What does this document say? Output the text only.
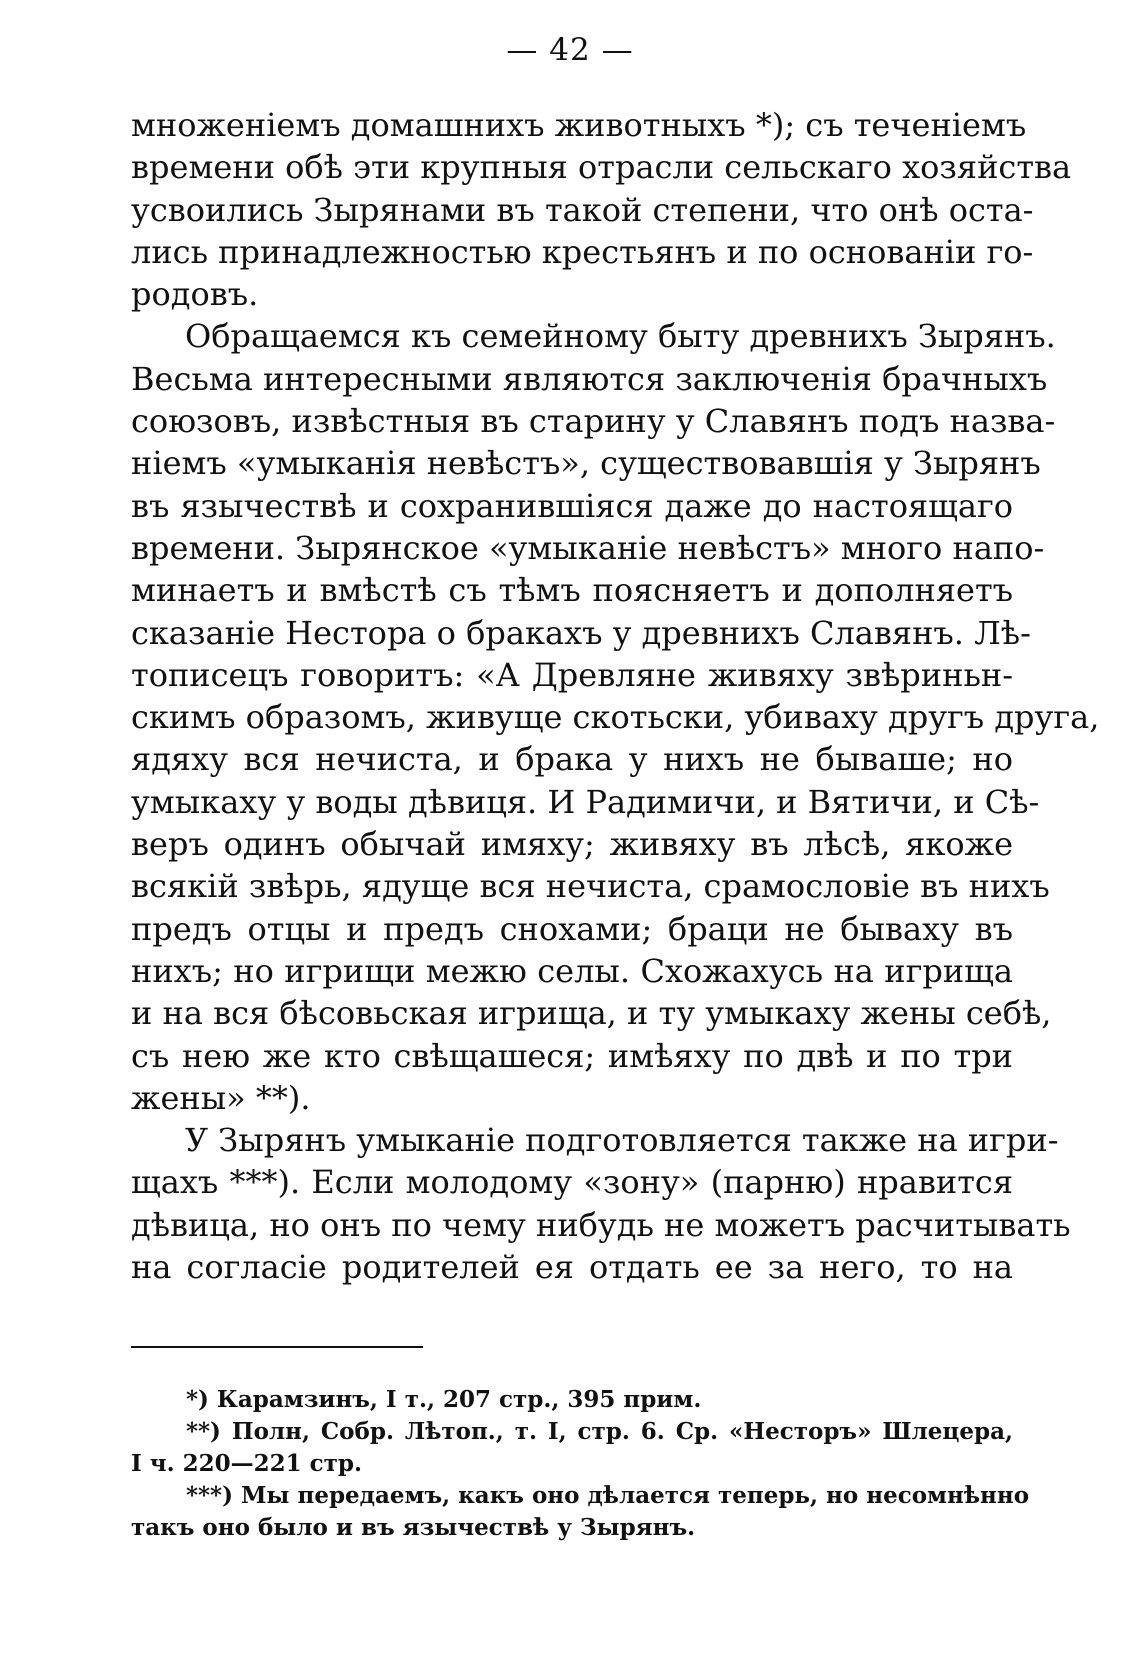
— 42 —
множеніемъ домашнихъ животныхъ *); съ теченіемъ
времени обѣ эти крупныя отрасли сельскаго хозяйства
усвоились Зырянами въ такой степени, что онѣ оста-
лись принадлежностью крестьянъ и по основаніи го-
родовъ.
Обращаемся къ семейному быту древнихъ Зырянъ.
Весьма интересными являются заключенія брачныхъ
союзовъ, извѣстныя въ старину у Славянъ подъ назва-
ніемъ «умыканія невѣстъ», существовавшія у Зырянъ
въ язычествѣ и сохранившіяся даже до настоящаго
времени. Зырянское «умыканіе невѣстъ» много напо-
минаетъ и вмѣстѣ съ тѣмъ поясняетъ и дополняетъ
сказаніе Нестора о бракахъ у древнихъ Славянъ. Лѣ-
тописецъ говоритъ: «А Древляне живяху звѣриньн-
скимъ образомъ, живуще скотьски, убиваху другъ друга,
ядяху вся нечиста, и брака у нихъ не бываше; но
умыкаху у воды дѣвиця. И Радимичи, и Вятичи, и Сѣ-
веръ одинъ обычай имяху; живяху въ лѣсѣ, якоже
всякій звѣрь, ядуще вся нечиста, срамословіе въ нихъ
предъ отцы и предъ снохами; браци не бываху въ
нихъ; но игрищи межю селы. Схожахусь на игрища
и на вся бѣсовьская игрища, и ту умыкаху жены себѣ,
съ нею же кто свѣщашеся; имѣяху по двѣ и по три
жены» **).
У Зырянъ умыканіе подготовляется также на игри-
щахъ ***). Если молодому «зону» (парню) нравится
дѣвица, но онъ по чему нибудь не можетъ расчитывать
на согласіе родителей ея отдать ее за него, то на
*) Карамзинъ, I т., 207 стр., 395 прим.
**) Полн, Собр. Лѣтоп., т. I, стр. 6. Ср. «Несторъ» Шлецера,
I ч. 220—221 стр.
***) Мы передаемъ, какъ оно дѣлается теперь, но несомнѣнно
такъ оно было и въ язычествѣ у Зырянъ.
